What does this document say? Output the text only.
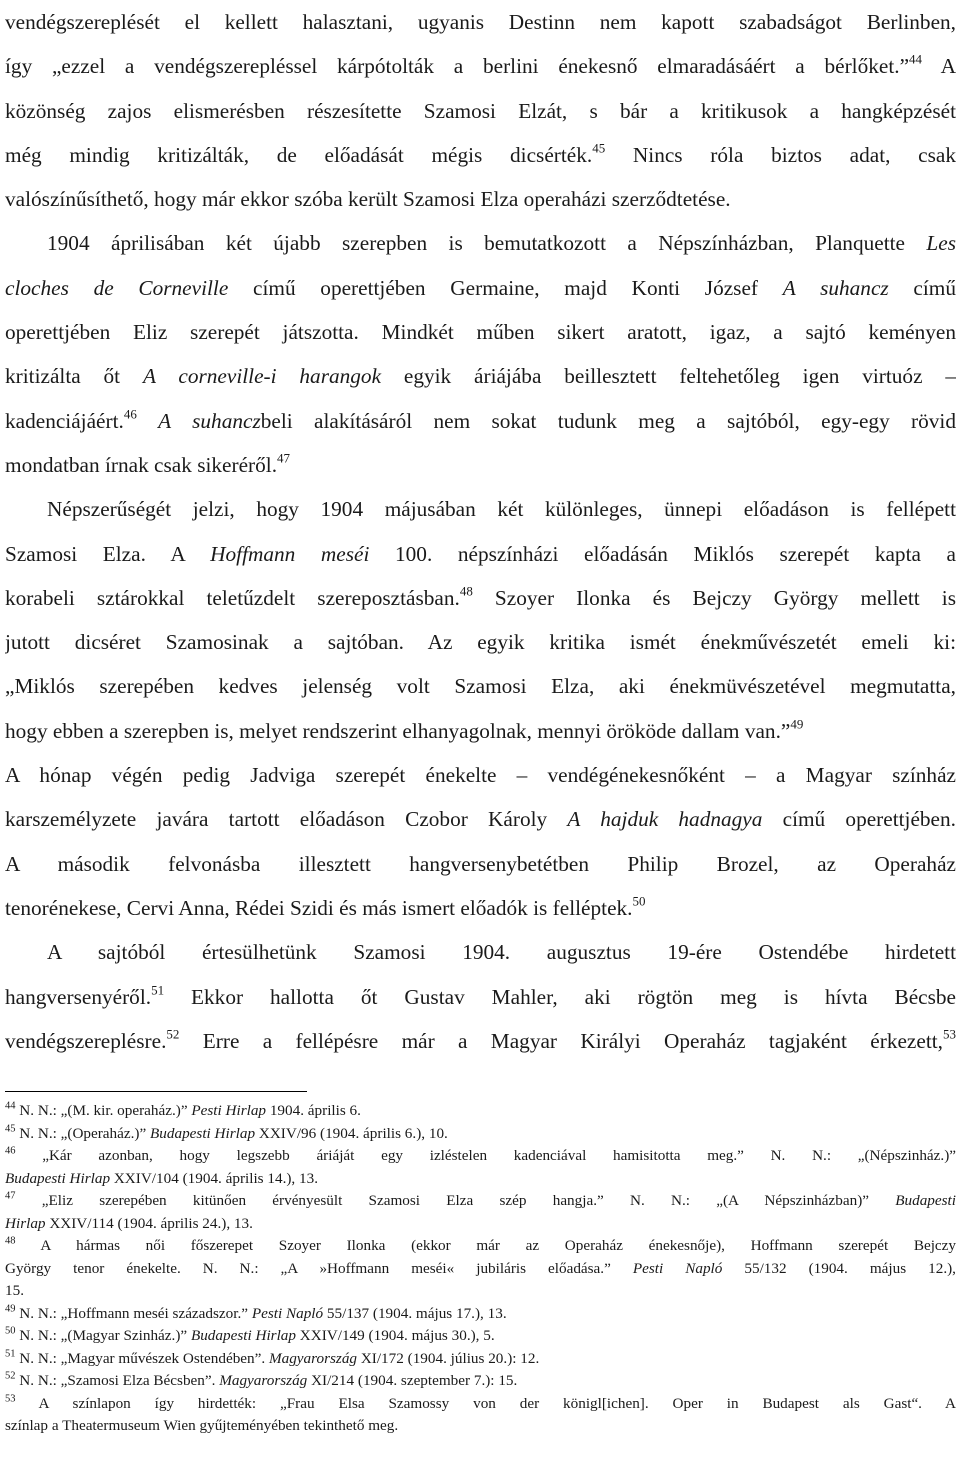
vendégszereplését el kellett halasztani, ugyanis Destinn nem kapott szabadságot Berlinben,
így „ezzel a vendégszerepléssel kárpótolták a berlini énekesnő elmaradásáért a bérlőket.”$^{44}$ A
közönség zajos elismerésben részesítette Szamosi Elzát, s bár a kritikusok a hangképzését
még mindig kritizálták, de előadását mégis dicsérték.$^{45}$ Nincs róla biztos adat, csak
valószínűsíthető, hogy már ekkor szóba került Szamosi Elza operaházi szerződtetése.
1904 áprilisában két újabb szerepben is bemutatkozott a Népszínházban, Planquette Les
cloches de Corneville című operettjében Germaine, majd Konti József A suhancz című
operettjében Eliz szerepét játszotta. Mindkét műben sikert aratott, igaz, a sajtó keményen
kritizálta őt A corneville-i harangok egyik áriájába beillesztett feltehetőleg igen virtuóz –
kadenciájáért.$^{46}$ A suhanczbeli alakításáról nem sokat tudunk meg a sajtóból, egy-egy rövid
mondatban írnak csak sikeréről.$^{47}$
Népszerűségét jelzi, hogy 1904 májusában két különleges, ünnepi előadáson is fellépett
Szamosi Elza. A Hoffmann meséi 100. népszínházi előadásán Miklós szerepét kapta a
korabeli sztárokkal teletűzdelt szereposztásban.$^{48}$ Szoyer Ilonka és Bejczy György mellett is
jutott dicséret Szamosinak a sajtóban. Az egyik kritika ismét énekművészetét emeli ki:
„Miklós szerepében kedves jelenség volt Szamosi Elza, aki énekmüvészetével megmutatta,
hogy ebben a szerepben is, melyet rendszerint elhanyagolnak, mennyi örököde dallam van.”$^{49}$
A hónap végén pedig Jadviga szerepét énekelte – vendégénekesnőként – a Magyar színház
karszemélyzete javára tartott előadáson Czobor Károly A hajduk hadnagya című operettjében.
A második felvonásba illesztett hangversenybetétben Philip Brozel, az Operaház
tenorénekese, Cervi Anna, Rédei Szidi és más ismert előadók is felléptek.$^{50}$
A sajtóból értesülhetünk Szamosi 1904. augusztus 19-ére Ostendébe hirdetett
hangversenyéről.$^{51}$ Ekkor hallotta őt Gustav Mahler, aki rögtön meg is hívta Bécsbe
vendégszereplésre.$^{52}$ Erre a fellépésre már a Magyar Királyi Operaház tagjaként érkezett,$^{53}$
$^{44}$ N. N.: „(M. kir. operaház.)” Pesti Hirlap 1904. április 6.
$^{45}$ N. N.: „(Operaház.)” Budapesti Hirlap XXIV/96 (1904. április 6.), 10.
$^{46}$ „Kár azonban, hogy legszebb áriáját egy izléstelen kadenciával hamisitotta meg.” N. N.: „(Népszinház.)”
Budapesti Hirlap XXIV/104 (1904. április 14.), 13.
$^{47}$ „Eliz szerepében kitünően érvényesült Szamosi Elza szép hangja.” N. N.: „(A Népszinházban)” Budapesti
Hirlap XXIV/114 (1904. április 24.), 13.
$^{48}$ A hármas női főszerepet Szoyer Ilonka (ekkor már az Operaház énekesnője), Hoffmann szerepét Bejczy
György tenor énekelte. N. N.: „A »Hoffmann meséi« jubiláris előadása.” Pesti Napló 55/132 (1904. május 12.),
15.
$^{49}$ N. N.: „Hoffmann meséi századszor.” Pesti Napló 55/137 (1904. május 17.), 13.
$^{50}$ N. N.: „(Magyar Szinház.)” Budapesti Hirlap XXIV/149 (1904. május 30.), 5.
$^{51}$ N. N.: „Magyar művészek Ostendében”. Magyarország XI/172 (1904. július 20.): 12.
$^{52}$ N. N.: „Szamosi Elza Bécsben”. Magyarország XI/214 (1904. szeptember 7.): 15.
$^{53}$ A színlapon így hirdették: „Frau Elsa Szamossy von der königl[ichen]. Oper in Budapest als Gast“. A
színlap a Theatermuseum Wien gyűjteményében tekinthető meg.
